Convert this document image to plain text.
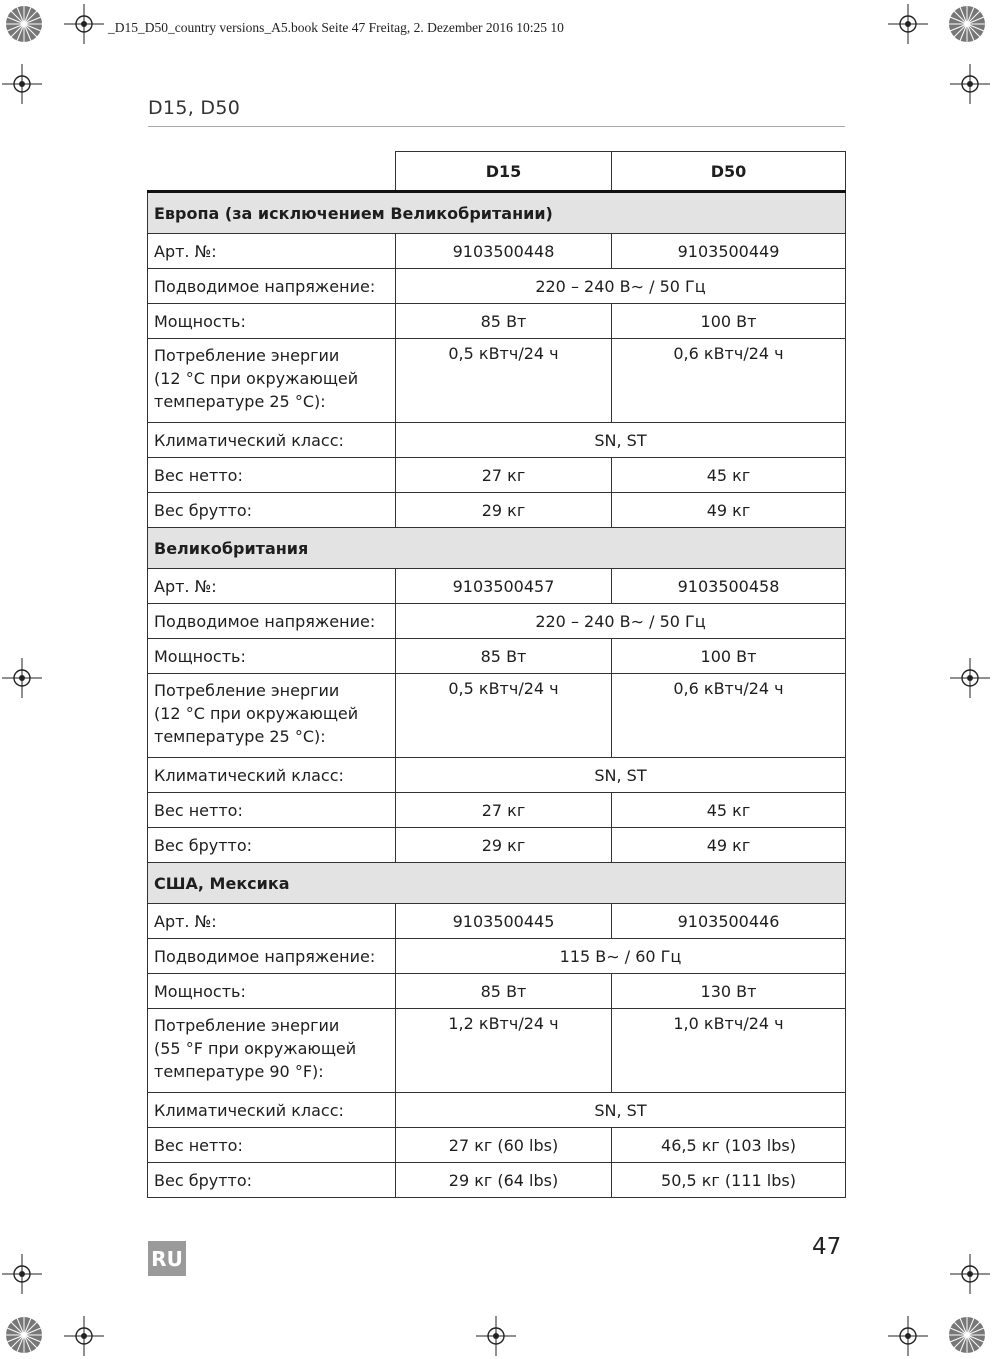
_D15_D50_country versions_A5.book Seite 47 Freitag, 2. Dezember 2016 10:25 10
D15, D50
	D15	D50
Европа (за исключением Великобритании)		
Арт. №:	9103500448	9103500449
Подводимое напряжение:	220 – 240 В∼ / 50 Гц	
Мощность:	85 Вт	100 Вт

Потребление энергии
(12 °C при окружающей
температуре 25 °C):	0,5 кВтч/24 ч	0,6 кВтч/24 ч
Климатический класс:	SN, ST	
Вес нетто:	27 кг	45 кг
Вес брутто:	29 кг	49 кг
Великобритания		
Арт. №:	9103500457	9103500458
Подводимое напряжение:	220 – 240 В∼ / 50 Гц	
Мощность:	85 Вт	100 Вт

Потребление энергии
(12 °C при окружающей
температуре 25 °C):	0,5 кВтч/24 ч	0,6 кВтч/24 ч
Климатический класс:	SN, ST	
Вес нетто:	27 кг	45 кг
Вес брутто:	29 кг	49 кг
США, Мексика		
Арт. №:	9103500445	9103500446
Подводимое напряжение:	115 В∼ / 60 Гц	
Мощность:	85 Вт	130 Вт

Потребление энергии
(55 °F при окружающей
температуре 90 °F):	1,2 кВтч/24 ч	1,0 кВтч/24 ч
Климатический класс:	SN, ST	
Вес нетто:	27 кг (60 lbs)	46,5 кг (103 lbs)
Вес брутто:	29 кг (64 lbs)	50,5 кг (111 lbs)
47
RU
